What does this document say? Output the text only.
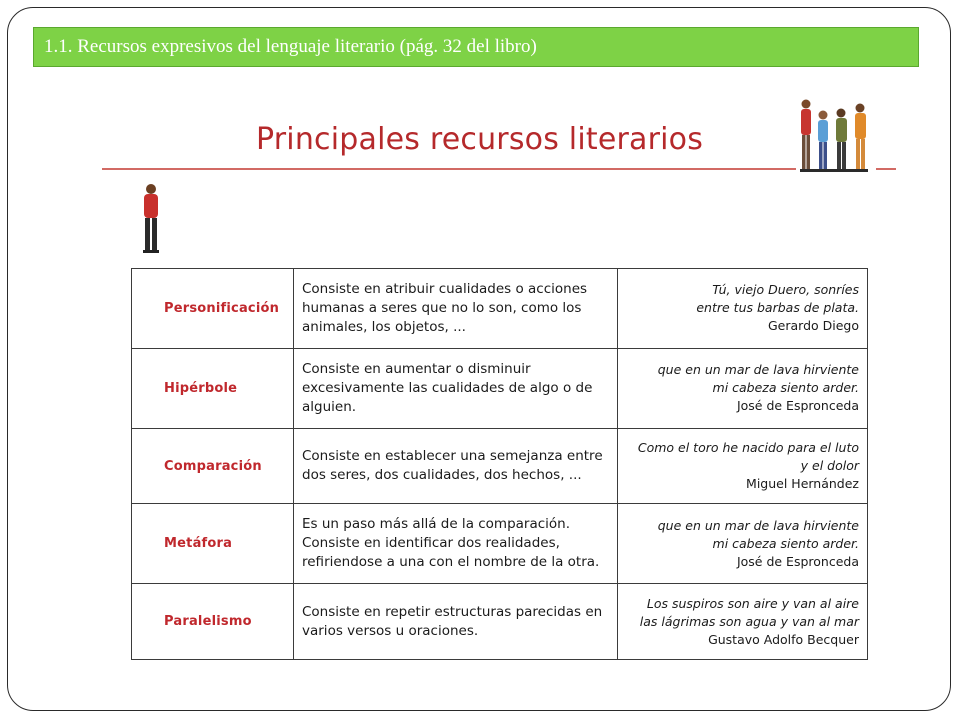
1.1. Recursos expresivos del lenguaje literario (pág. 32 del libro)
Principales recursos literarios
Personificación	Consiste en atribuir cualidades o acciones humanas a seres que no lo son, como los animales, los objetos, ...	Tú, viejo Duero, sonríes
entre tus barbas de plata.
Gerardo Diego

Hipérbole	Consiste en aumentar o disminuir excesivamente las cualidades de algo o de alguien.	que en un mar de lava hirviente
mi cabeza siento arder.
José de Espronceda

Comparación	Consiste en establecer una semejanza entre dos seres, dos cualidades, dos hechos, ...	Como el toro he nacido para el luto
y el dolor
Miguel Hernández

Metáfora	Es un paso más allá de la comparación. Consiste en identificar dos realidades, refiriendose a una con el nombre de la otra.	que en un mar de lava hirviente
mi cabeza siento arder.
José de Espronceda

Paralelismo	Consiste en repetir estructuras parecidas en varios versos u oraciones.	Los suspiros son aire y van al aire
las lágrimas son agua y van al mar
Gustavo Adolfo Becquer
